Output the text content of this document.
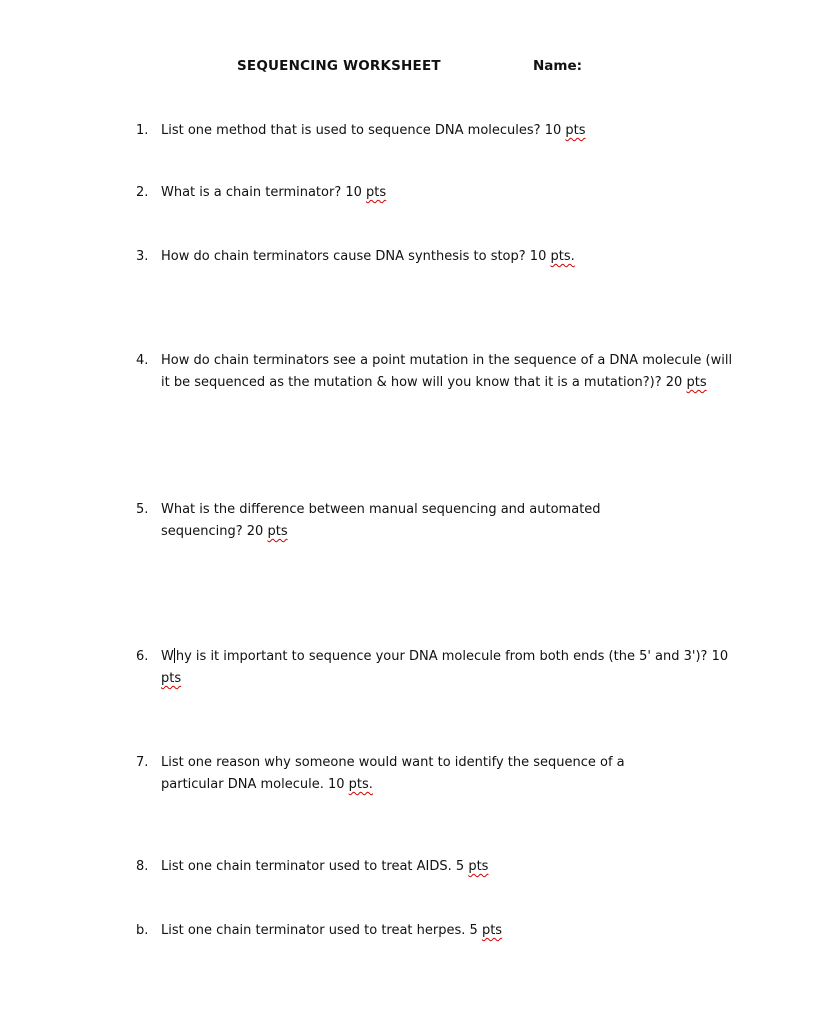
SEQUENCING WORKSHEET	Name:
1. List one method that is used to sequence DNA molecules? 10 pts
2. What is a chain terminator? 10 pts
3. How do chain terminators cause DNA synthesis to stop? 10 pts.
4. How do chain terminators see a point mutation in the sequence of a DNA molecule (will it be sequenced as the mutation & how will you know that it is a mutation?)? 20 pts
5. What is the difference between manual sequencing and automated sequencing? 20 pts
6. W hy is it important to sequence your DNA molecule from both ends (the 5' and 3')? 10 pts
7. List one reason why someone would want to identify the sequence of a particular DNA molecule. 10 pts.
8. List one chain terminator used to treat AIDS. 5 pts
b. List one chain terminator used to treat herpes. 5 pts
